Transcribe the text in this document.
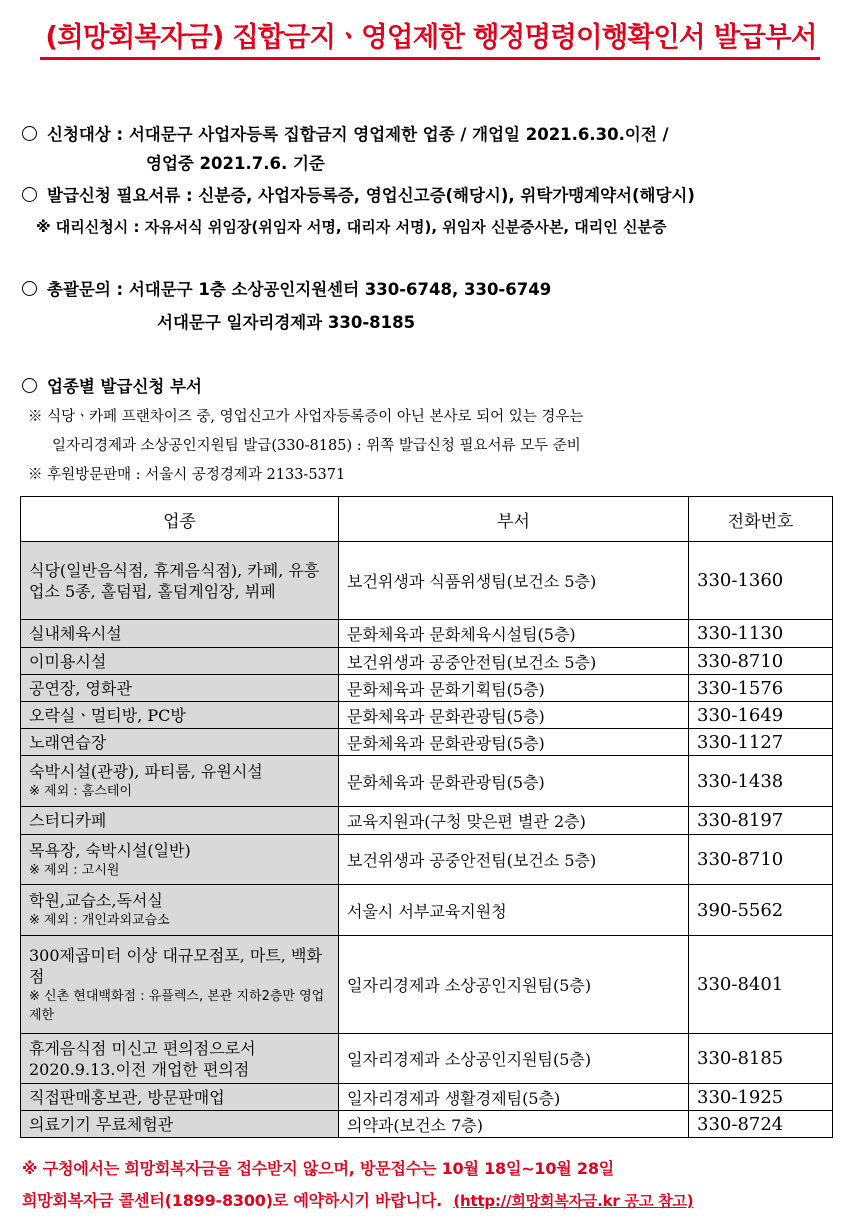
(희망회복자금) 집합금지ㆍ영업제한 행정명령이행확인서 발급부서
신청대상 : 서대문구 사업자등록 집합금지 영업제한 업종 / 개업일 2021.6.30.이전 /
영업중 2021.7.6. 기준
발급신청 필요서류 : 신분증, 사업자등록증, 영업신고증(해당시), 위탁가맹계약서(해당시)
※ 대리신청시 : 자유서식 위임장(위임자 서명, 대리자 서명), 위임자 신분증사본, 대리인 신분증
총괄문의 : 서대문구 1층 소상공인지원센터 330-6748, 330-6749
서대문구 일자리경제과 330-8185
업종별 발급신청 부서
※ 식당ㆍ카페 프랜차이즈 중, 영업신고가 사업자등록증이 아닌 본사로 되어 있는 경우는
일자리경제과 소상공인지원팀 발급(330-8185) : 위쪽 발급신청 필요서류 모두 준비
※ 후원방문판매 : 서울시 공정경제과 2133-5371
업종	부서	전화번호
식당(일반음식점, 휴게음식점), 카페, 유흥업소 5종, 홀덤펍, 홀덤게임장, 뷔페	보건위생과 식품위생팀(보건소 5층)	330-1360
실내체육시설	문화체육과 문화체육시설팀(5층)	330-1130
이미용시설	보건위생과 공중안전팀(보건소 5층)	330-8710
공연장, 영화관	문화체육과 문화기획팀(5층)	330-1576
오락실ㆍ멀티방, PC방	문화체육과 문화관광팀(5층)	330-1649
노래연습장	문화체육과 문화관광팀(5층)	330-1127
숙박시설(관광), 파티룸, 유원시설
※ 제외 : 홈스테이	문화체육과 문화관광팀(5층)	330-1438
스터디카페	교육지원과(구청 맞은편 별관 2층)	330-8197
목욕장, 숙박시설(일반)
※ 제외 : 고시원	보건위생과 공중안전팀(보건소 5층)	330-8710
학원,교습소,독서실
※ 제외 : 개인과외교습소	서울시 서부교육지원청	390-5562
300제곱미터 이상 대규모점포, 마트, 백화점
※ 신촌 현대백화점 : 유플렉스, 본관 지하2층만 영업제한	일자리경제과 소상공인지원팀(5층)	330-8401
휴게음식점 미신고 편의점으로서 2020.9.13.이전 개업한 편의점	일자리경제과 소상공인지원팀(5층)	330-8185
직접판매홍보관, 방문판매업	일자리경제과 생활경제팀(5층)	330-1925
의료기기 무료체험관	의약과(보건소 7층)	330-8724
※ 구청에서는 희망회복자금을 접수받지 않으며, 방문접수는 10월 18일~10월 28일
희망회복자금 콜센터(1899-8300)로 예약하시기 바랍니다. (http://희망회복자금.kr 공고 참고)
